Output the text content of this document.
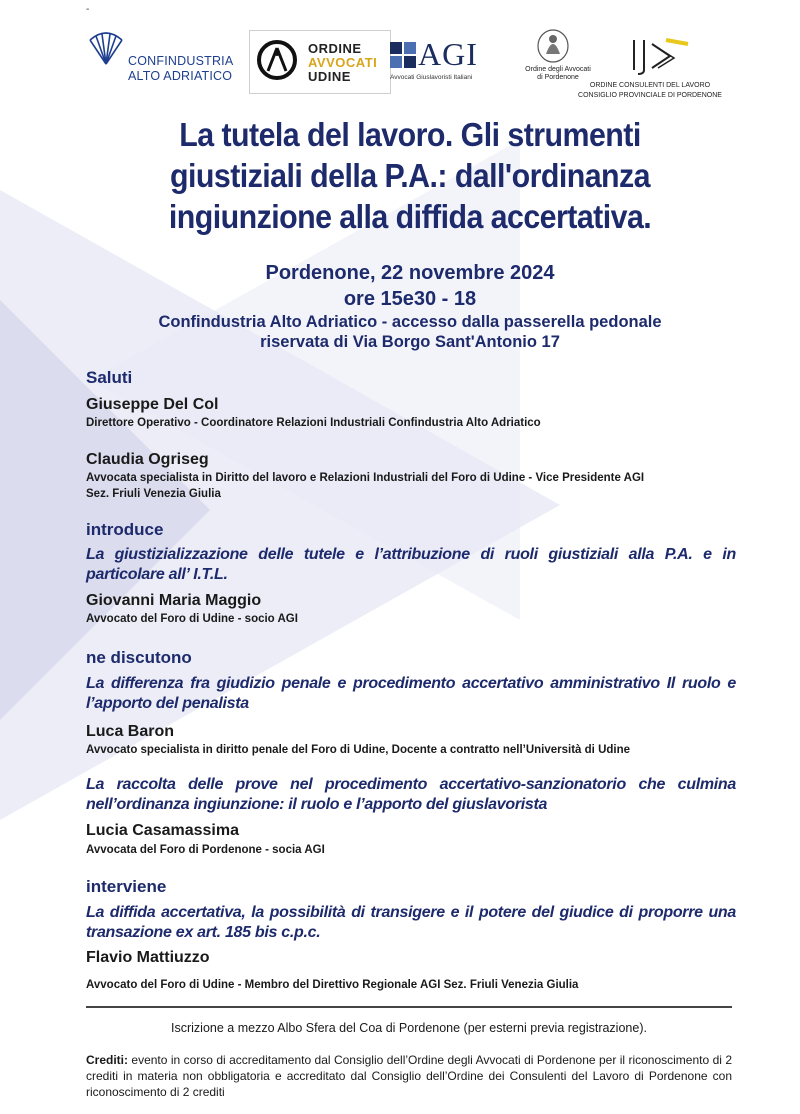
-
CONFINDUSTRIA
ALTO ADRIATICO
ORDINE
AVVOCATI
UDINE
AGI
Avvocati Giuslavoristi Italiani
Ordine degli Avvocati
di Pordenone
ORDINE CONSULENTI DEL LAVORO
CONSIGLIO PROVINCIALE DI PORDENONE
La tutela del lavoro. Gli strumenti
giustiziali della P.A.: dall'ordinanza
ingiunzione alla diffida accertativa.

Pordenone, 22 novembre 2024

ore 15e30 - 18

Confindustria Alto Adriatico - accesso dalla passerella pedonale

riservata di Via Borgo Sant'Antonio 17

Saluti

Giuseppe Del Col

Direttore Operativo - Coordinatore Relazioni Industriali Confindustria Alto Adriatico

Claudia Ogriseg

Avvocata specialista in Diritto del lavoro e Relazioni Industriali del Foro di Udine - Vice Presidente AGI

Sez. Friuli Venezia Giulia

introduce

La giustizializzazione delle tutele e l’attribuzione di ruoli giustiziali alla P.A. e in particolare all’ I.T.L.

Giovanni Maria Maggio

Avvocato del Foro di Udine - socio AGI

ne discutono

La differenza fra giudizio penale e procedimento accertativo amministrativo Il ruolo e l’apporto del penalista

Luca Baron

Avvocato specialista in diritto penale del Foro di Udine, Docente a contratto nell’Università di Udine

La raccolta delle prove nel procedimento accertativo-sanzionatorio che culmina nell’ordinanza ingiunzione: il ruolo e l’apporto del giuslavorista

Lucia Casamassima

Avvocata del Foro di Pordenone - socia AGI

interviene

La diffida accertativa, la possibilità di transigere e il potere del giudice di proporre una transazione ex art. 185 bis c.p.c.

Flavio Mattiuzzo

Avvocato del Foro di Udine - Membro del Direttivo Regionale AGI Sez. Friuli Venezia Giulia

Iscrizione a mezzo Albo Sfera del Coa di Pordenone (per esterni previa registrazione).

Crediti: evento in corso di accreditamento dal Consiglio dell’Ordine degli Avvocati di Pordenone per il riconoscimento di 2 crediti in materia non obbligatoria e accreditato dal Consiglio dell’Ordine dei Consulenti del Lavoro di Pordenone con riconoscimento di 2 crediti
